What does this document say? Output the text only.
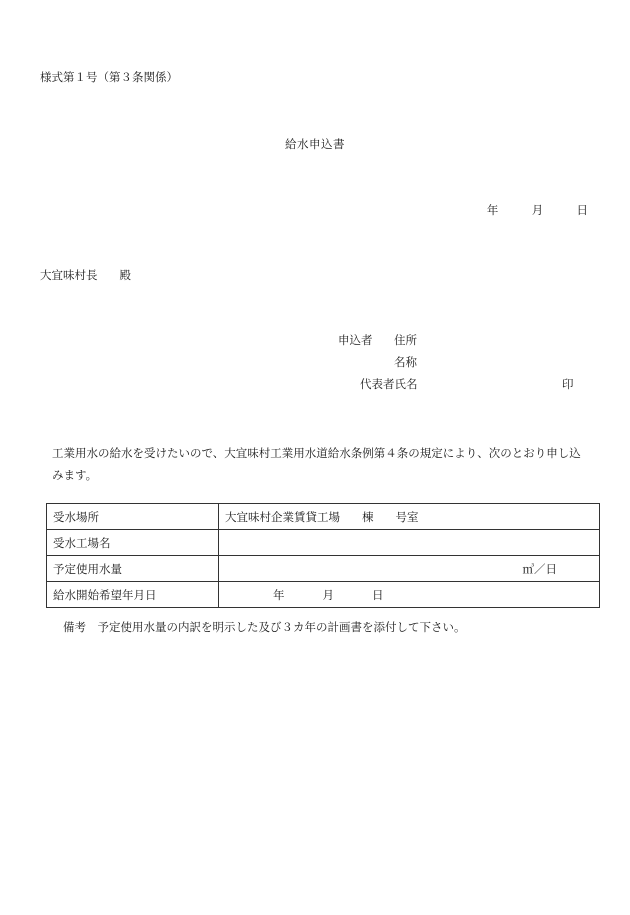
様式第１号（第３条関係）
給水申込書
年	月	日
大宜味村長 殿
申込者 住所
名称
代表者氏名	印
工業用水の給水を受けたいので、大宜味村工業用水道給水条例第４条の規定により、次のとおり申し込みます。
受水場所	大宜味村企業賃貸工場 棟 号室
受水工場名	
予定使用水量	㎥／日

給水開始希望年月日	年 月 日
備考　予定使用水量の内訳を明示した及び３カ年の計画書を添付して下さい。
